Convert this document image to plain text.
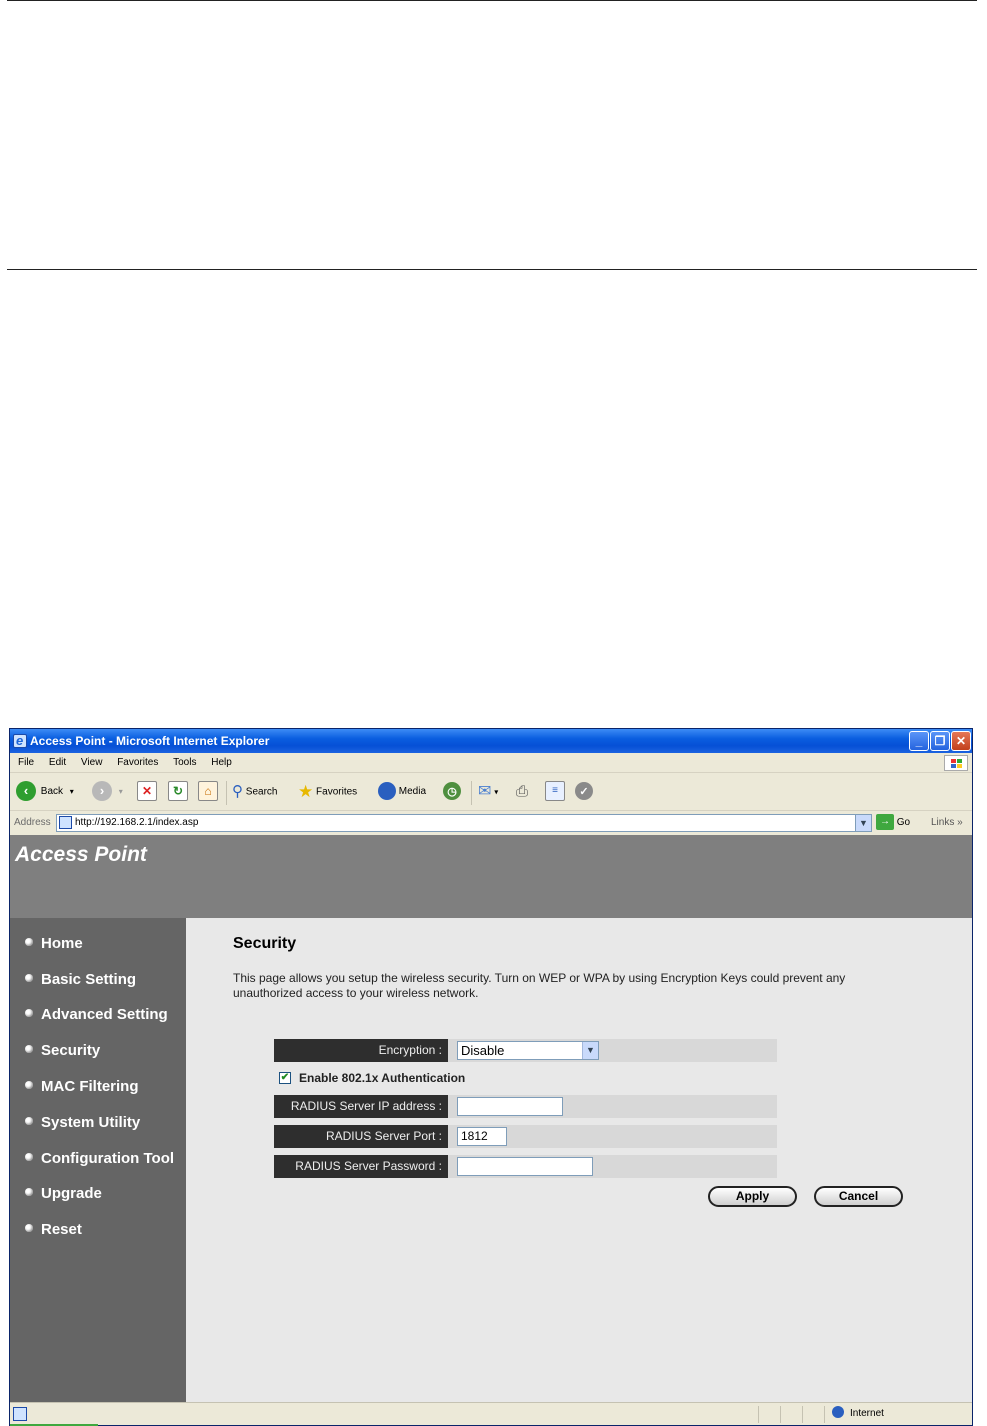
e
Access Point - Microsoft Internet Explorer	_	❐ ✕
File Edit View Favorites Tools Help
‹ Back ▾	› ▾	✕	↻	⌂	⚲ Search ★ Favorites	Media	◷ ✉ ▾ ⎙	≡	✓
Address	http://192.168.2.1/index.asp	▼	→ Go Links »
Access Point
Home
Basic Setting
Advanced Setting
Security
MAC Filtering
System Utility
Configuration Tool
Upgrade
Reset
Security
This page allows you setup the wireless security. Turn on WEP or WPA by using Encryption Keys could prevent any unauthorized access to your wireless network.
Encryption :	Disable	▼
✔ Enable 802.1x Authentication
RADIUS Server IP address :
RADIUS Server Port :	1812
RADIUS Server Password :
Apply	Cancel
Internet
